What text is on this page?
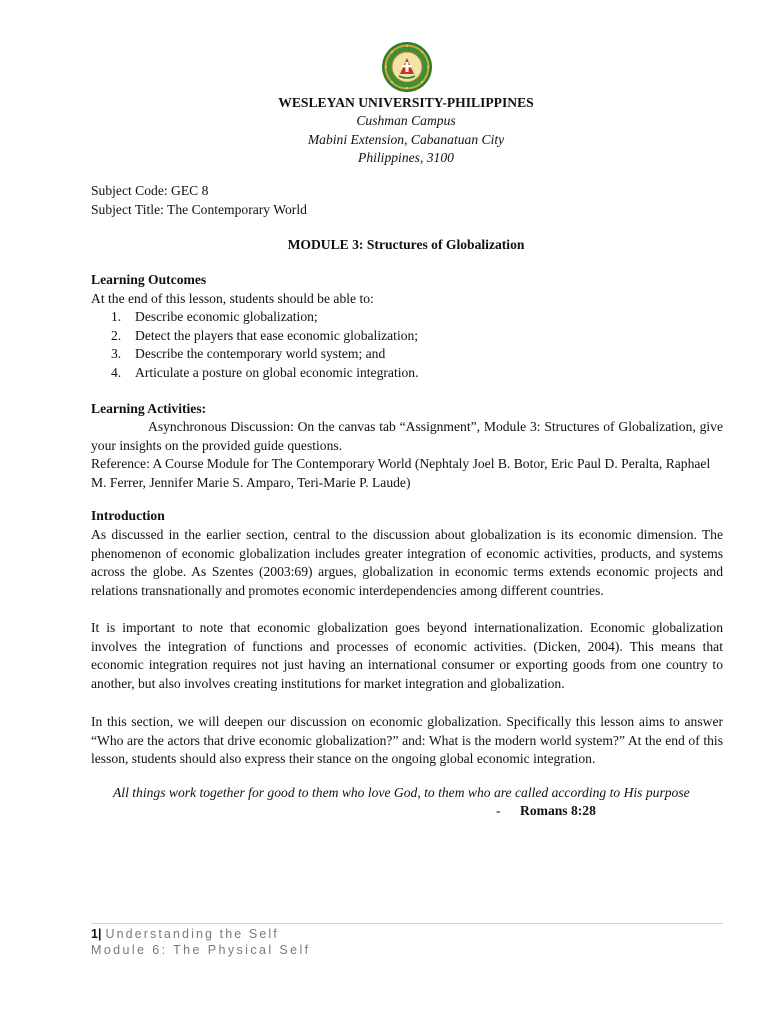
WESLEYAN UNIVERSITY-PHILIPPINES
Cushman Campus
Mabini Extension, Cabanatuan City
Philippines, 3100
Subject Code: GEC 8
Subject Title: The Contemporary World
MODULE 3: Structures of Globalization
Learning Outcomes
At the end of this lesson, students should be able to:
1. Describe economic globalization;
2. Detect the players that ease economic globalization;
3. Describe the contemporary world system; and
4. Articulate a posture on global economic integration.
Learning Activities:
Asynchronous Discussion: On the canvas tab “Assignment”, Module 3: Structures of Globalization, give your insights on the provided guide questions.
Reference: A Course Module for The Contemporary World (Nephtaly Joel B. Botor, Eric Paul D. Peralta, Raphael M. Ferrer, Jennifer Marie S. Amparo, Teri-Marie P. Laude)
Introduction
As discussed in the earlier section, central to the discussion about globalization is its economic dimension. The phenomenon of economic globalization includes greater integration of economic activities, products, and systems across the globe. As Szentes (2003:69) argues, globalization in economic terms extends economic projects and relations transnationally and promotes economic interdependencies among different countries.
It is important to note that economic globalization goes beyond internationalization. Economic globalization involves the integration of functions and processes of economic activities. (Dicken, 2004). This means that economic integration requires not just having an international consumer or exporting goods from one country to another, but also involves creating institutions for market integration and globalization.
In this section, we will deepen our discussion on economic globalization. Specifically this lesson aims to answer “Who are the actors that drive economic globalization?” and: What is the modern world system?” At the end of this lesson, students should also express their stance on the ongoing global economic integration.
All things work together for good to them who love God, to them who are called according to His purpose
- Romans 8:28
1| Understanding the Self
Module 6: The Physical Self
